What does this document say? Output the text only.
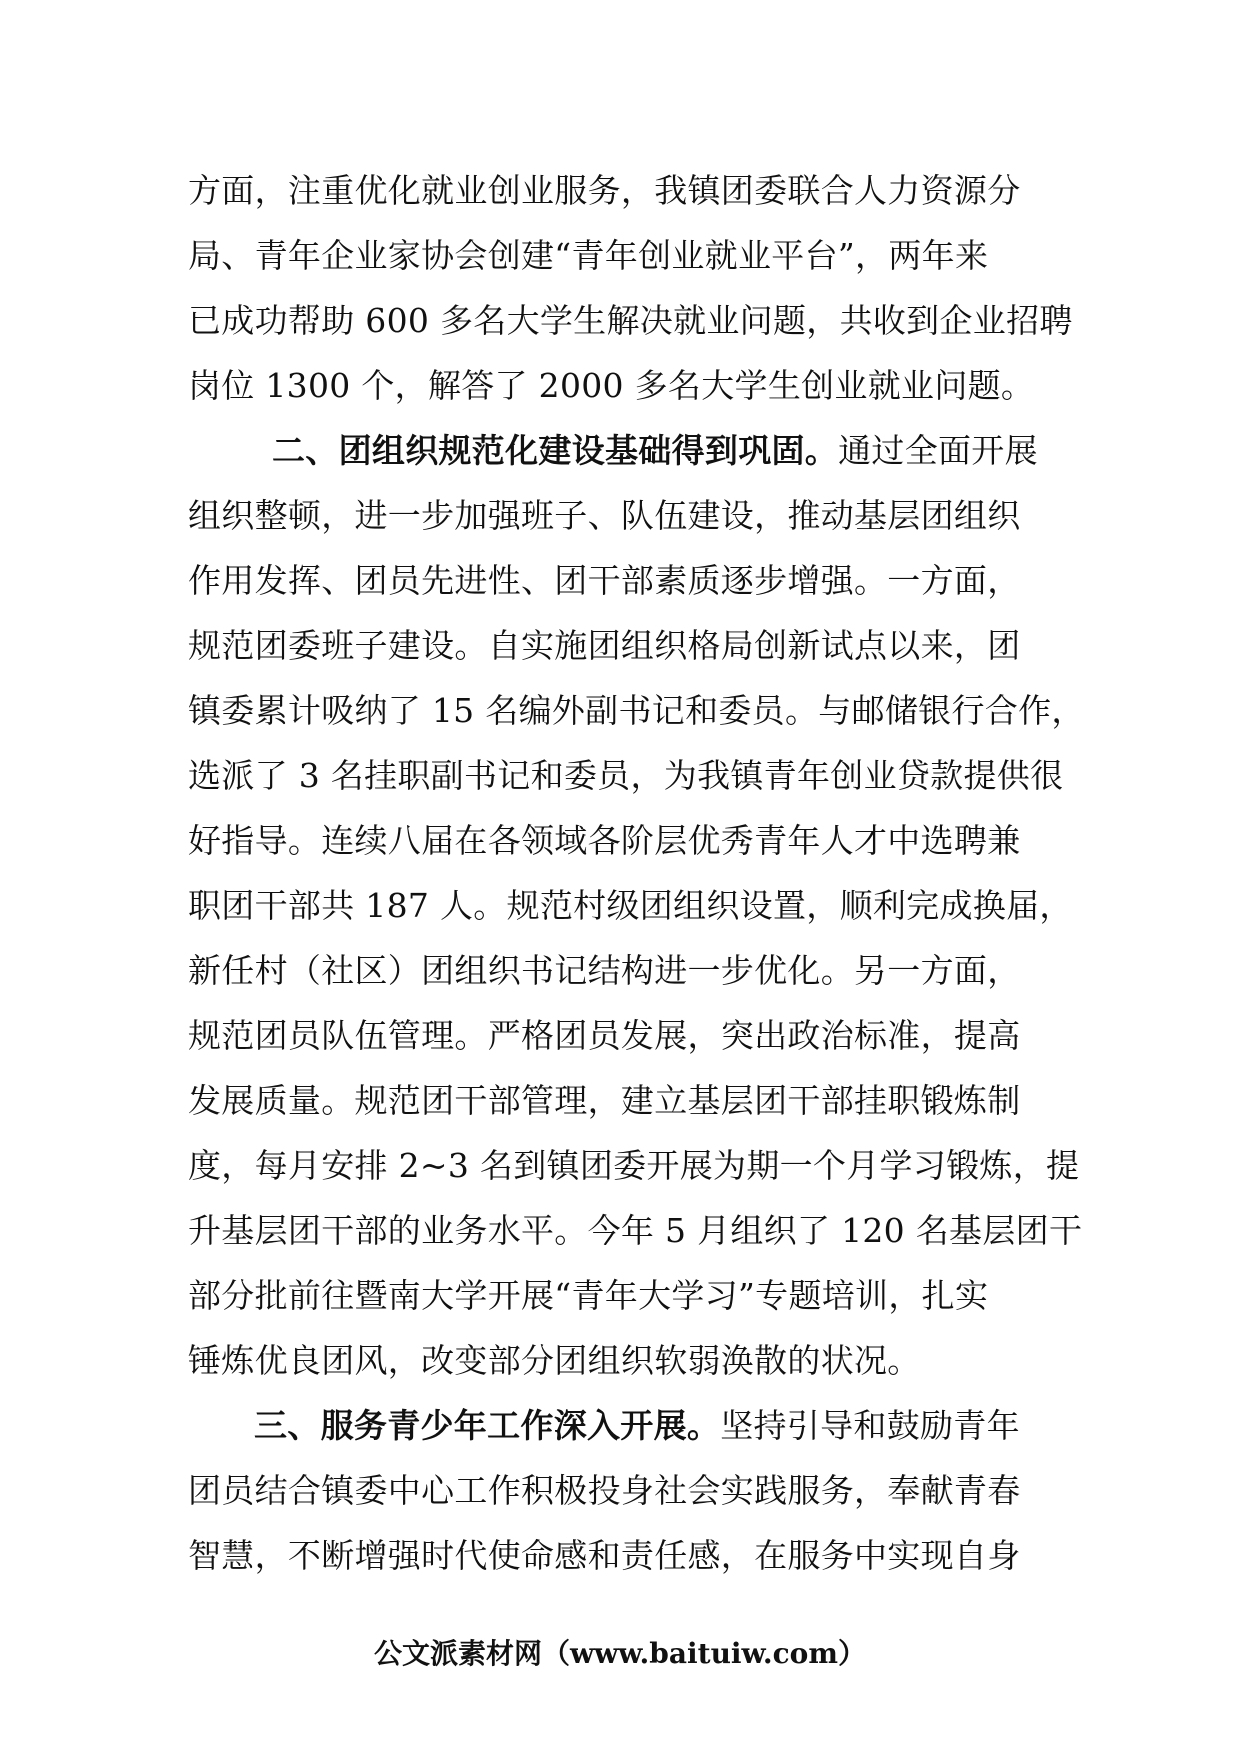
方面，注重优化就业创业服务，我镇团委联合人力资源分
局、青年企业家协会创建“青年创业就业平台”，两年来
已成功帮助 600 多名大学生解决就业问题，共收到企业招聘
岗位 1300 个，解答了 2000 多名大学生创业就业问题。
二、团组织规范化建设基础得到巩固。通过全面开展
组织整顿，进一步加强班子、队伍建设，推动基层团组织
作用发挥、团员先进性、团干部素质逐步增强。一方面，
规范团委班子建设。自实施团组织格局创新试点以来，团
镇委累计吸纳了 15 名编外副书记和委员。与邮储银行合作，
选派了 3 名挂职副书记和委员，为我镇青年创业贷款提供很
好指导。连续八届在各领域各阶层优秀青年人才中选聘兼
职团干部共 187 人。规范村级团组织设置，顺利完成换届，
新任村（社区）团组织书记结构进一步优化。另一方面，
规范团员队伍管理。严格团员发展，突出政治标准，提高
发展质量。规范团干部管理，建立基层团干部挂职锻炼制
度，每月安排 2~3 名到镇团委开展为期一个月学习锻炼，提
升基层团干部的业务水平。今年 5 月组织了 120 名基层团干
部分批前往暨南大学开展“青年大学习”专题培训，扎实
锤炼优良团风，改变部分团组织软弱涣散的状况。
三、服务青少年工作深入开展。坚持引导和鼓励青年
团员结合镇委中心工作积极投身社会实践服务，奉献青春
智慧，不断增强时代使命感和责任感，在服务中实现自身
公文派素材网（www.baituiw.com）
